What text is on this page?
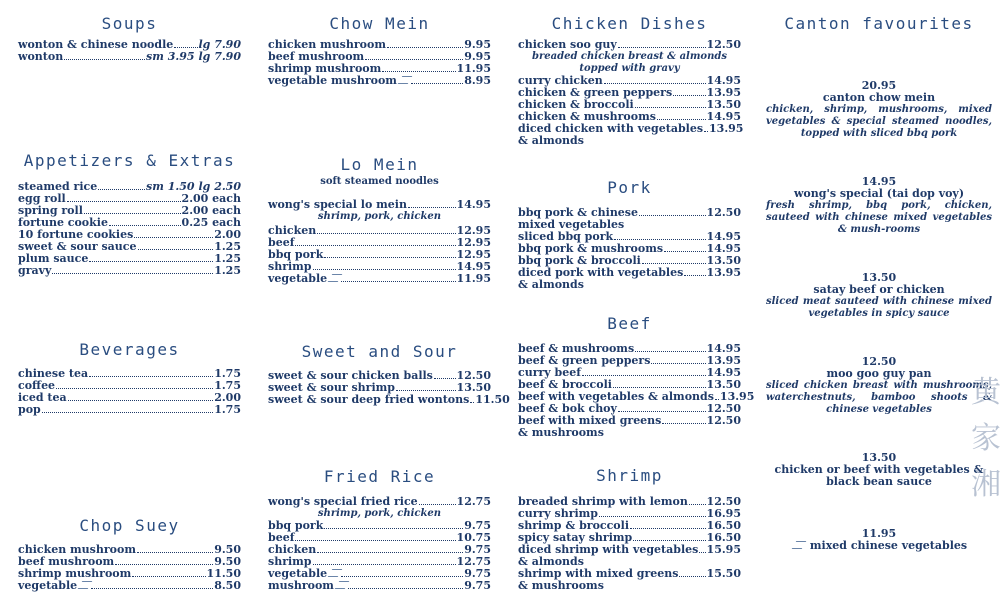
Soups
wonton & chinese noodle lg 7.90
wonton	sm 3.95 lg 7.90
Appetizers & Extras
steamed rice	sm 1.50 lg 2.50
egg roll	2.00 each
spring roll	2.00 each
fortune cookie	0.25 each
10 fortune cookies	2.00
sweet & sour sauce	1.25
plum sauce	1.25
gravy	1.25
Beverages
chinese tea	1.75
coffee	1.75
iced tea	2.00
pop	1.75
Chop Suey
chicken mushroom	9.50
beef mushroom	9.50
shrimp mushroom	11.50
vegetable	8.50
Chow Mein
chicken mushroom	9.95
beef mushroom	9.95
shrimp mushroom	11.95
vegetable mushroom	8.95
Lo Mein
soft steamed noodles
wong's special lo mein	14.95
shrimp, pork, chicken
chicken	12.95
beef	12.95
bbq pork	12.95
shrimp	14.95
vegetable	11.95
Sweet and Sour
sweet & sour chicken balls 12.50
sweet & sour shrimp	13.50
sweet & sour deep fried wontons 11.50
Fried Rice
wong's special fried rice	12.75
shrimp, pork, chicken
bbq pork	9.75
beef	10.75
chicken	9.75
shrimp	12.75
vegetable	9.75
mushroom	9.75
Chicken Dishes
chicken soo guy	12.50
breaded chicken breast & almonds
topped with gravy
curry chicken	14.95
chicken & green peppers	13.95
chicken & broccoli	13.50
chicken & mushrooms	14.95
diced chicken with vegetables 13.95
& almonds
Pork
bbq pork & chinese	12.50
mixed vegetables
sliced bbq pork	14.95
bbq pork & mushrooms	14.95
bbq pork & broccoli	13.50
diced pork with vegetables 13.95
& almonds
Beef
beef & mushrooms	14.95
beef & green peppers	13.95
curry beef	14.95
beef & broccoli	13.50
beef with vegetables & almonds 13.95
beef & bok choy	12.50
beef with mixed greens	12.50
& mushrooms
Shrimp
breaded shrimp with lemon 12.50
curry shrimp	16.95
shrimp & broccoli	16.50
spicy satay shrimp	16.50
diced shrimp with vegetables 15.95
& almonds
shrimp with mixed greens	15.50
& mushrooms
Canton favourites
20.95
canton chow mein
chicken, shrimp, mushrooms, mixed vegetables & special steamed noodles, topped with sliced bbq pork
14.95
wong's special (tai dop voy)
fresh shrimp, bbq pork, chicken, sauteed with chinese mixed vegetables & mush-rooms
13.50
satay beef or chicken
sliced meat sauteed with chinese mixed vegetables in spicy sauce
12.50
moo goo guy pan
sliced chicken breast with mushrooms, waterchestnuts, bamboo shoots & chinese vegetables
13.50
chicken or beef with vegetables & black bean sauce
11.95
mixed chinese vegetables
黄家湘
